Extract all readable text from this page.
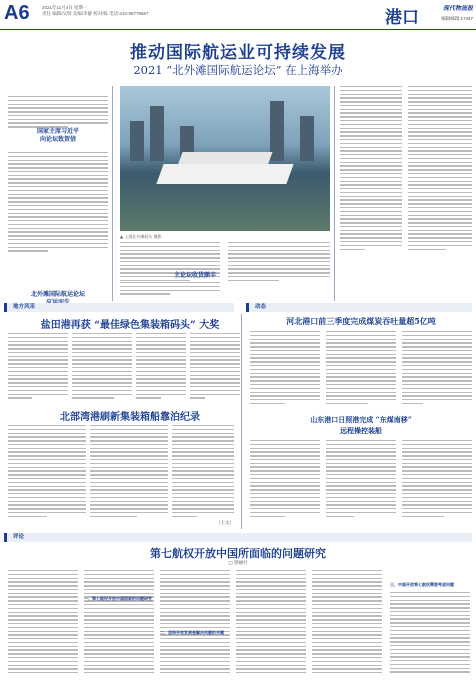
A6	2021年11月4日 星期一
责任 编辑/吴瑞 美编/李静 校对/陈 电话:010-65778667	港口	现代物流报
编辑邮箱:17447
推动国际航运业可持续发展
2021 “北外滩国际航运论坛” 在上海举办
国家主席习近平
向论坛致贺信
北外滩国际航运论坛
▲ 上海北外滩码头 摄影
主论坛收货颇丰
地方风采	动态
盐田港再获 “最佳绿色集装箱码头” 大奖
北部湾港刷新集装箱船靠泊纪录
（王文）
河北港口前三季度完成煤炭吞吐量超5亿吨
山东港口日照港完成 “东煤南移”
远程操控装船
评论
第七航权开放中国所面临的问题研究
□ 郭丽行
一、第七航权开放中国面临的问题研究
二、坚持开放发展是解决问题的关键
三、中国开放第七航权需要考虑问题
